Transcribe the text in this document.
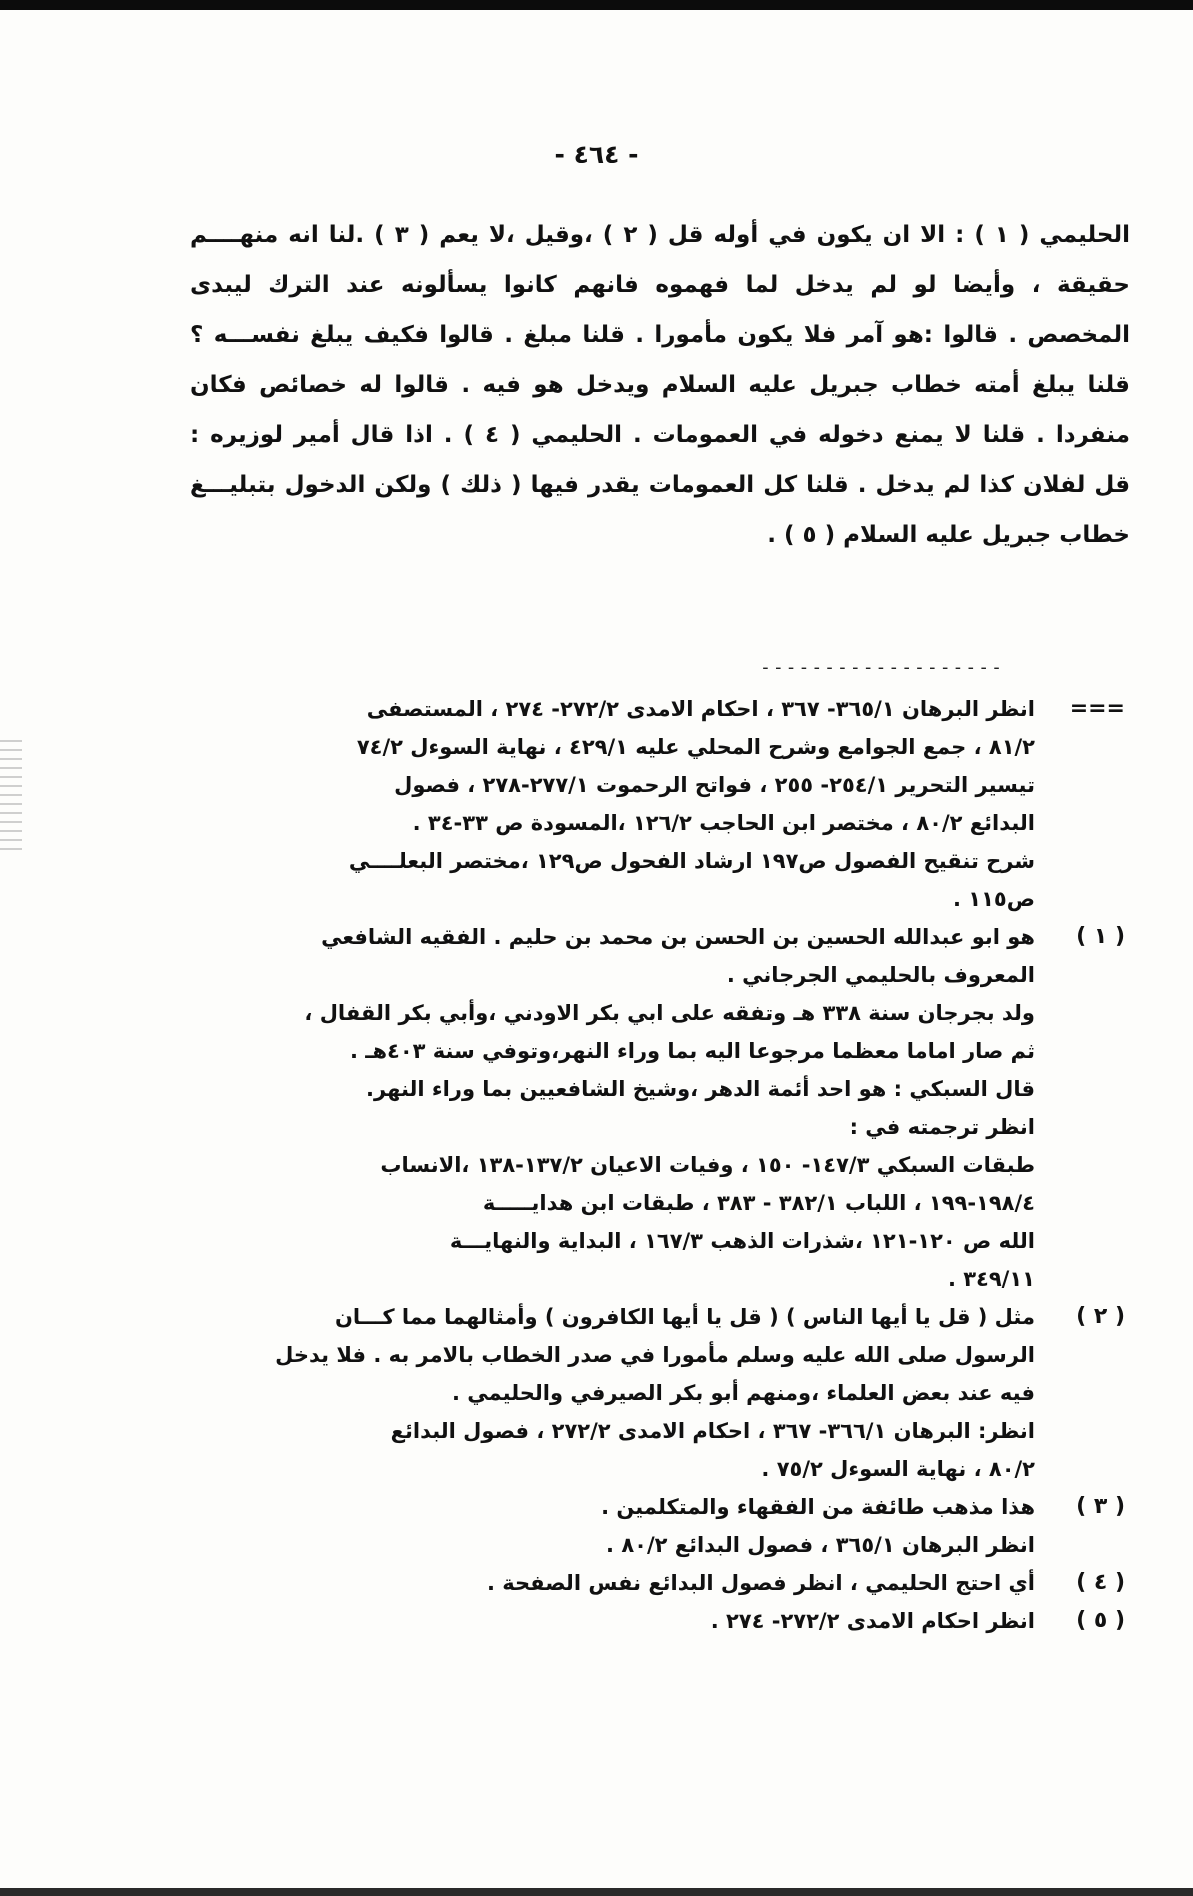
- ٤٦٤ -
الحليمي ( ١ ) : الا ان يكون في أوله قل ( ٢ ) ،وقيل ،لا يعم ( ٣ ) .لنا انه منهــــم
حقيقة ، وأيضا لو لم يدخل لما فهموه فانهم كانوا يسألونه عند الترك ليبدى
المخصص . قالوا :هو آمر فلا يكون مأمورا . قلنا مبلغ . قالوا فكيف يبلغ نفســـه ؟
قلنا يبلغ أمته خطاب جبريل عليه السلام ويدخل هو فيه . قالوا له خصائص فكان
منفردا . قلنا لا يمنع دخوله في العمومات . الحليمي ( ٤ ) . اذا قال أمير لوزيره :
قل لفلان كذا لم يدخل . قلنا كل العمومات يقدر فيها ( ذلك ) ولكن الدخول بتبليـــغ
خطاب جبريل عليه السلام ( ٥ ) .
-------------------
===
انظر البرهان ٣٦٥/١- ٣٦٧ ، احكام الامدى ٢٧٢/٢- ٢٧٤ ، المستصفى
٨١/٢ ، جمع الجوامع وشرح المحلي عليه ٤٢٩/١ ، نهاية السوءل ٧٤/٢
تيسير التحرير ٢٥٤/١- ٢٥٥ ، فواتح الرحموت ٢٧٧/١-٢٧٨ ، فصول
البدائع ٨٠/٢ ، مختصر ابن الحاجب ١٢٦/٢ ،المسودة ص ٣٣-٣٤ .
شرح تنقيح الفصول ص١٩٧ ارشاد الفحول ص١٢٩ ،مختصر البعلــــي
ص١١٥ .
( ١ )
هو ابو عبدالله الحسين بن الحسن بن محمد بن حليم . الفقيه الشافعي
المعروف بالحليمي الجرجاني .
ولد بجرجان سنة ٣٣٨ هـ وتفقه على ابي بكر الاودني ،وأبي بكر القفال ،
ثم صار اماما معظما مرجوعا اليه بما وراء النهر،وتوفي سنة ٤٠٣هـ .
قال السبكي : هو احد أئمة الدهر ،وشيخ الشافعيين بما وراء النهر.
انظر ترجمته في :
طبقات السبكي ١٤٧/٣- ١٥٠ ، وفيات الاعيان ١٣٧/٢-١٣٨ ،الانساب
١٩٨/٤-١٩٩ ، اللباب ٣٨٢/١ - ٣٨٣ ، طبقات ابن هدايـــــة
الله ص ١٢٠-١٢١ ،شذرات الذهب ١٦٧/٣ ، البداية والنهايـــة
٣٤٩/١١ .
( ٢ )
مثل ( قل يا أيها الناس ) ( قل يا أيها الكافرون ) وأمثالهما مما كـــان
الرسول صلى الله عليه وسلم مأمورا في صدر الخطاب بالامر به . فلا يدخل
فيه عند بعض العلماء ،ومنهم أبو بكر الصيرفي والحليمي .
انظر: البرهان ٣٦٦/١- ٣٦٧ ، احكام الامدى ٢٧٢/٢ ، فصول البدائع
٨٠/٢ ، نهاية السوءل ٧٥/٢ .
( ٣ )
هذا مذهب طائفة من الفقهاء والمتكلمين .
انظر البرهان ٣٦٥/١ ، فصول البدائع ٨٠/٢ .
( ٤ )
أي احتج الحليمي ، انظر فصول البدائع نفس الصفحة .
( ٥ )
انظر احكام الامدى ٢٧٢/٢- ٢٧٤ .
